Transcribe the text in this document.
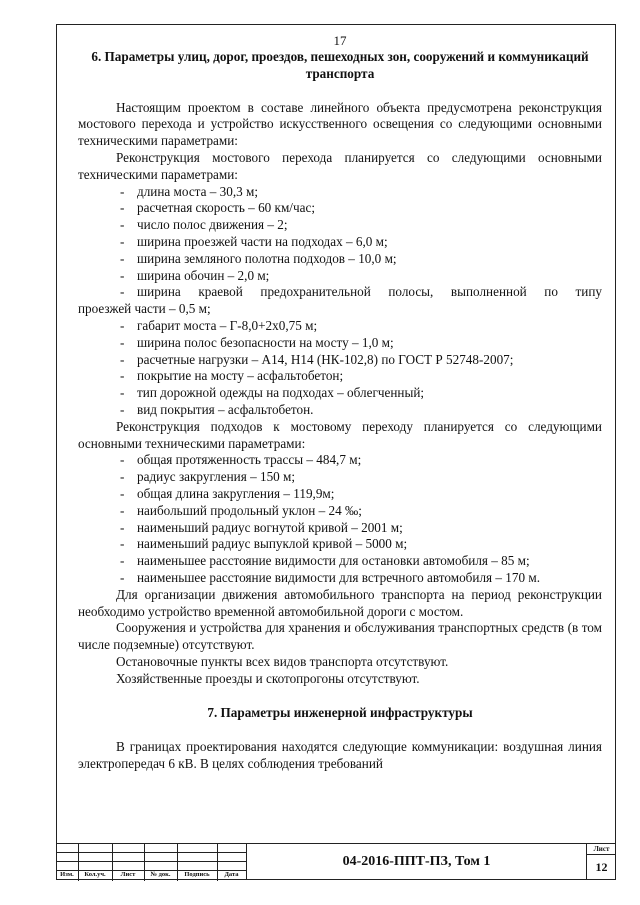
17
6. Параметры улиц, дорог, проездов, пешеходных зон, сооружений и коммуникаций транспорта

Настоящим проектом в составе линейного объекта предусмотрена реконструкция мостового перехода и устройство искусственного освещения со следующими основными техническими параметрами:

Реконструкция мостового перехода планируется со следующими основными техническими параметрами:

- длина моста – 30,3 м;

- расчетная скорость – 60 км/час;

- число полос движения – 2;

- ширина проезжей части на подходах – 6,0 м;

- ширина земляного полотна подходов – 10,0 м;

- ширина обочин – 2,0 м;

- ширина краевой предохранительной полосы, выполненной по типу

проезжей части – 0,5 м;

- габарит моста – Г-8,0+2х0,75 м;

- ширина полос безопасности на мосту – 1,0 м;

- расчетные нагрузки – А14, Н14 (НК-102,8) по ГОСТ Р 52748-2007;

- покрытие на мосту – асфальтобетон;

- тип дорожной одежды на подходах – облегченный;

- вид покрытия – асфальтобетон.

Реконструкция подходов к мостовому переходу планируется со следующими основными техническими параметрами:

- общая протяженность трассы – 484,7 м;

- радиус закругления – 150 м;

- общая длина закругления – 119,9м;

- наибольший продольный уклон – 24 ‰;

- наименьший радиус вогнутой кривой – 2001 м;

- наименьший радиус выпуклой кривой – 5000 м;

- наименьшее расстояние видимости для остановки автомобиля – 85 м;

- наименьшее расстояние видимости для встречного автомобиля – 170 м.

Для организации движения автомобильного транспорта на период реконструкции необходимо устройство временной автомобильной дороги с мостом.

Сооружения и устройства для хранения и обслуживания транспортных средств (в том числе подземные) отсутствуют.

Остановочные пункты всех видов транспорта отсутствуют.

Хозяйственные проезды и скотопрогоны отсутствуют.

7. Параметры инженерной инфраструктуры

В границах проектирования находятся следующие коммуникации: воздушная линия электропередач 6 кВ. В целях соблюдения требований

Изм.	Кол.уч.	Лист	№ док.	Подпись	Дата
04-2016-ППТ-ПЗ, Том 1
Лист
12
